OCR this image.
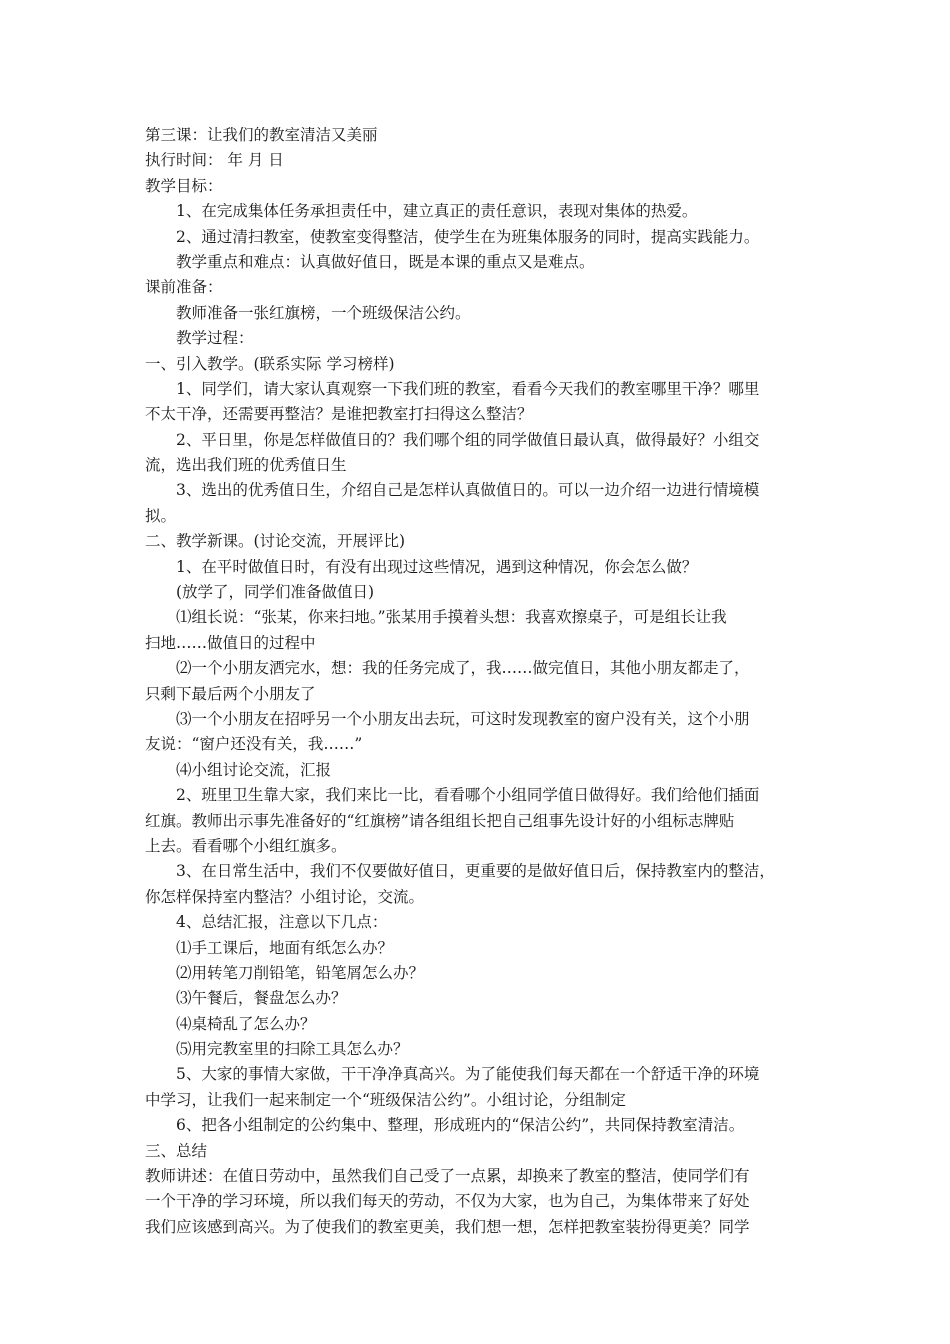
第三课：让我们的教室清洁又美丽
执行时间： 年 月 日
教学目标：
1、在完成集体任务承担责任中，建立真正的责任意识，表现对集体的热爱。
2、通过清扫教室，使教室变得整洁，使学生在为班集体服务的同时，提高实践能力。
教学重点和难点：认真做好值日，既是本课的重点又是难点。
课前准备：
教师准备一张红旗榜，一个班级保洁公约。
教学过程：
一、引入教学。(联系实际 学习榜样)
1、同学们，请大家认真观察一下我们班的教室，看看今天我们的教室哪里干净？哪里
不太干净，还需要再整洁？是谁把教室打扫得这么整洁？
2、平日里，你是怎样做值日的？我们哪个组的同学做值日最认真，做得最好？小组交
流，选出我们班的优秀值日生
3、选出的优秀值日生，介绍自己是怎样认真做值日的。可以一边介绍一边进行情境模
拟。
二、教学新课。(讨论交流，开展评比)
1、在平时做值日时，有没有出现过这些情况，遇到这种情况，你会怎么做？
(放学了，同学们准备做值日)
⑴组长说：“张某，你来扫地。”张某用手摸着头想：我喜欢擦桌子，可是组长让我
扫地……做值日的过程中
⑵一个小朋友洒完水，想：我的任务完成了，我……做完值日，其他小朋友都走了，
只剩下最后两个小朋友了
⑶一个小朋友在招呼另一个小朋友出去玩，可这时发现教室的窗户没有关，这个小朋
友说：“窗户还没有关，我……”
⑷小组讨论交流，汇报
2、班里卫生靠大家，我们来比一比，看看哪个小组同学值日做得好。我们给他们插面
红旗。教师出示事先准备好的“红旗榜”请各组组长把自己组事先设计好的小组标志牌贴
上去。看看哪个小组红旗多。
3、在日常生活中，我们不仅要做好值日，更重要的是做好值日后，保持教室内的整洁，
你怎样保持室内整洁？小组讨论，交流。
4、总结汇报，注意以下几点：
⑴手工课后，地面有纸怎么办？
⑵用转笔刀削铅笔，铅笔屑怎么办？
⑶午餐后，餐盘怎么办？
⑷桌椅乱了怎么办？
⑸用完教室里的扫除工具怎么办？
5、大家的事情大家做，干干净净真高兴。为了能使我们每天都在一个舒适干净的环境
中学习，让我们一起来制定一个“班级保洁公约”。小组讨论，分组制定
6、把各小组制定的公约集中、整理，形成班内的“保洁公约”，共同保持教室清洁。
三、总结
教师讲述：在值日劳动中，虽然我们自己受了一点累，却换来了教室的整洁，使同学们有
一个干净的学习环境，所以我们每天的劳动，不仅为大家，也为自己，为集体带来了好处
我们应该感到高兴。为了使我们的教室更美，我们想一想，怎样把教室装扮得更美？同学
